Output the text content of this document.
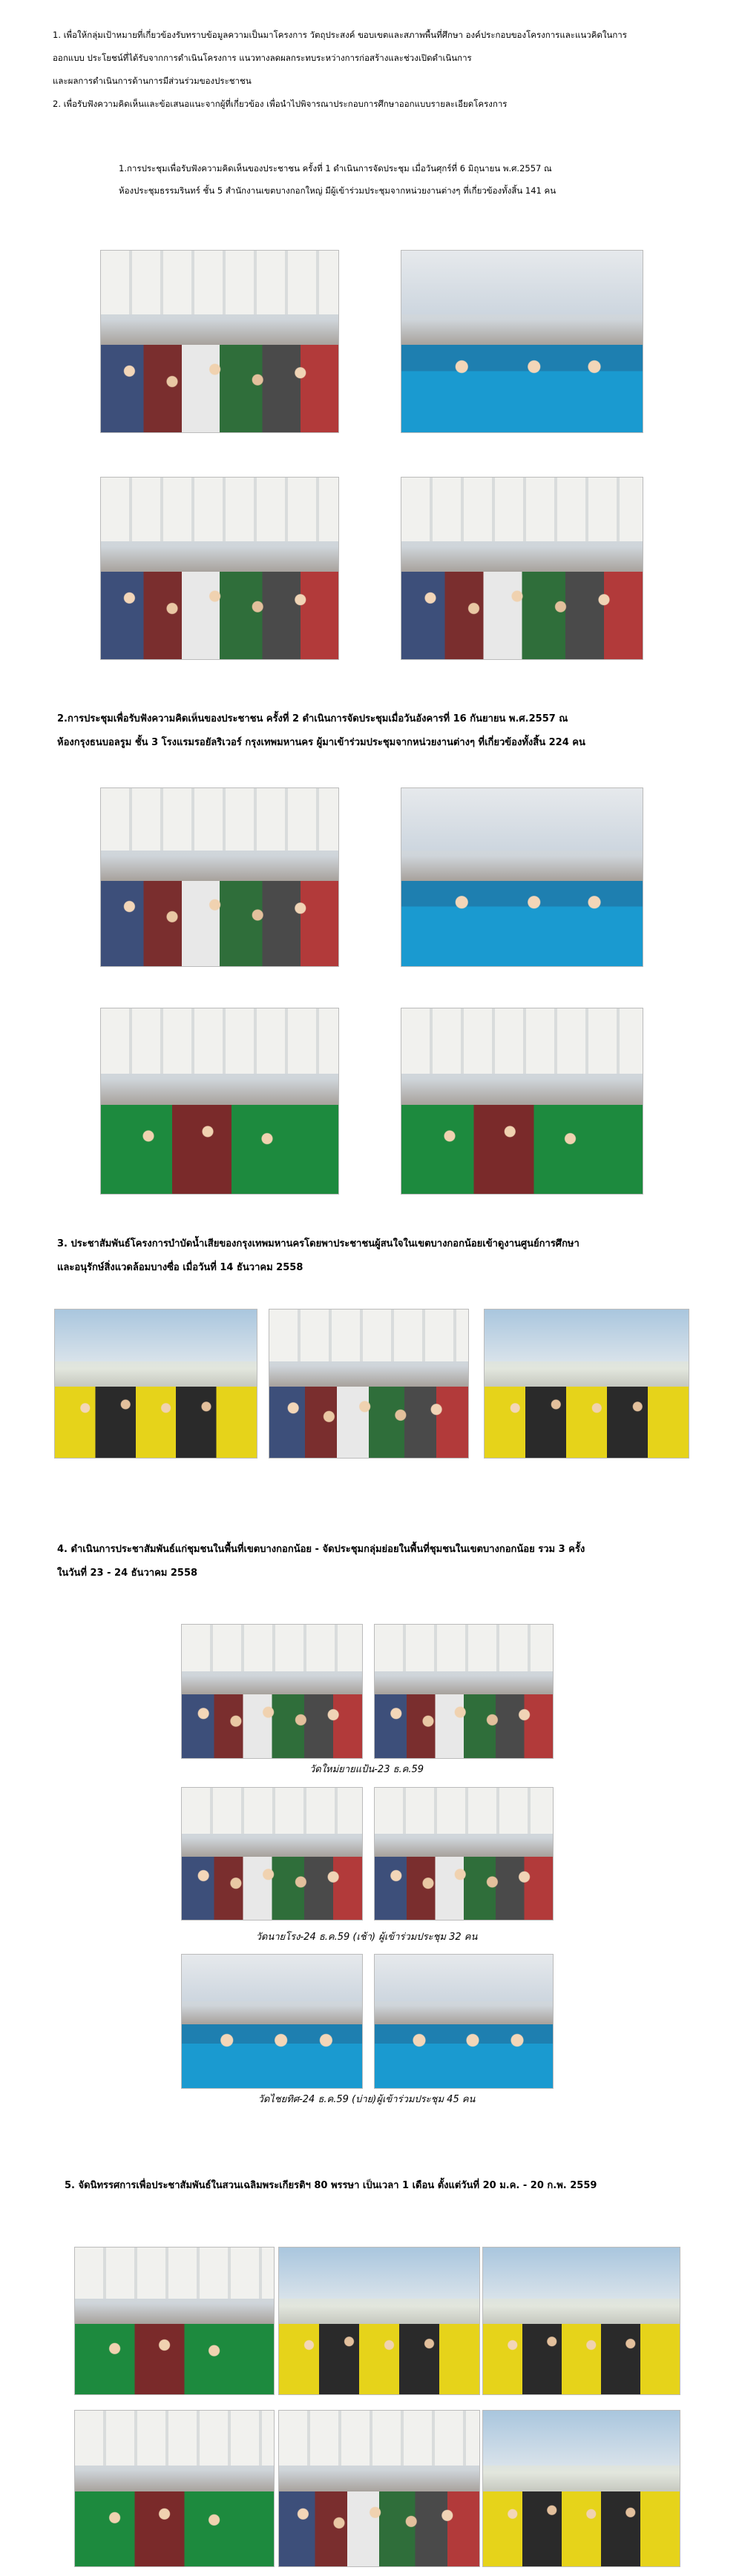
1. เพื่อให้กลุ่มเป้าหมายที่เกี่ยวข้องรับทราบข้อมูลความเป็นมาโครงการ วัตถุประสงค์ ขอบเขตและสภาพพื้นที่ศึกษา องค์ประกอบของโครงการและแนวคิดในการ

ออกแบบ ประโยชน์ที่ได้รับจากการดำเนินโครงการ แนวทางลดผลกระทบระหว่างการก่อสร้างและช่วงเปิดดำเนินการ

และผลการดำเนินการด้านการมีส่วนร่วมของประชาชน

2. เพื่อรับฟังความคิดเห็นและข้อเสนอแนะจากผู้ที่เกี่ยวข้อง เพื่อนำไปพิจารณาประกอบการศึกษาออกแบบรายละเอียดโครงการ

1.การประชุมเพื่อรับฟังความคิดเห็นของประชาชน ครั้งที่ 1 ดำเนินการจัดประชุม เมื่อวันศุกร์ที่ 6 มิถุนายน พ.ศ.2557 ณ

ห้องประชุมธรรมรินทร์ ชั้น 5 สำนักงานเขตบางกอกใหญ่ มีผู้เข้าร่วมประชุมจากหน่วยงานต่างๆ ที่เกี่ยวข้องทั้งสิ้น 141 คน

2.การประชุมเพื่อรับฟังความคิดเห็นของประชาชน ครั้งที่ 2 ดำเนินการจัดประชุมเมื่อวันอังคารที่ 16 กันยายน พ.ศ.2557 ณ

ห้องกรุงธนบอลรูม ชั้น 3 โรงแรมรอยัลริเวอร์ กรุงเทพมหานคร ผู้มาเข้าร่วมประชุมจากหน่วยงานต่างๆ ที่เกี่ยวข้องทั้งสิ้น 224 คน

3. ประชาสัมพันธ์โครงการบำบัดน้ำเสียของกรุงเทพมหานครโดยพาประชาชนผู้สนใจในเขตบางกอกน้อยเข้าดูงานศูนย์การศึกษา

และอนุรักษ์สิ่งแวดล้อมบางซื่อ เมื่อวันที่ 14 ธันวาคม 2558

4. ดำเนินการประชาสัมพันธ์แก่ชุมชนในพื้นที่เขตบางกอกน้อย - จัดประชุมกลุ่มย่อยในพื้นที่ชุมชนในเขตบางกอกน้อย รวม 3 ครั้ง

ในวันที่ 23 - 24 ธันวาคม 2558

วัดใหม่ยายแป้น-23 ธ.ค.59
วัดนายโรง-24 ธ.ค.59 (เช้า) ผู้เข้าร่วมประชุม 32 คน
วัดไชยทิศ-24 ธ.ค.59 (บ่าย)ผู้เข้าร่วมประชุม 45 คน

5. จัดนิทรรศการเพื่อประชาสัมพันธ์ในสวนเฉลิมพระเกียรติฯ 80 พรรษา เป็นเวลา 1 เดือน ตั้งแต่วันที่ 20 ม.ค. - 20 ก.พ. 2559
